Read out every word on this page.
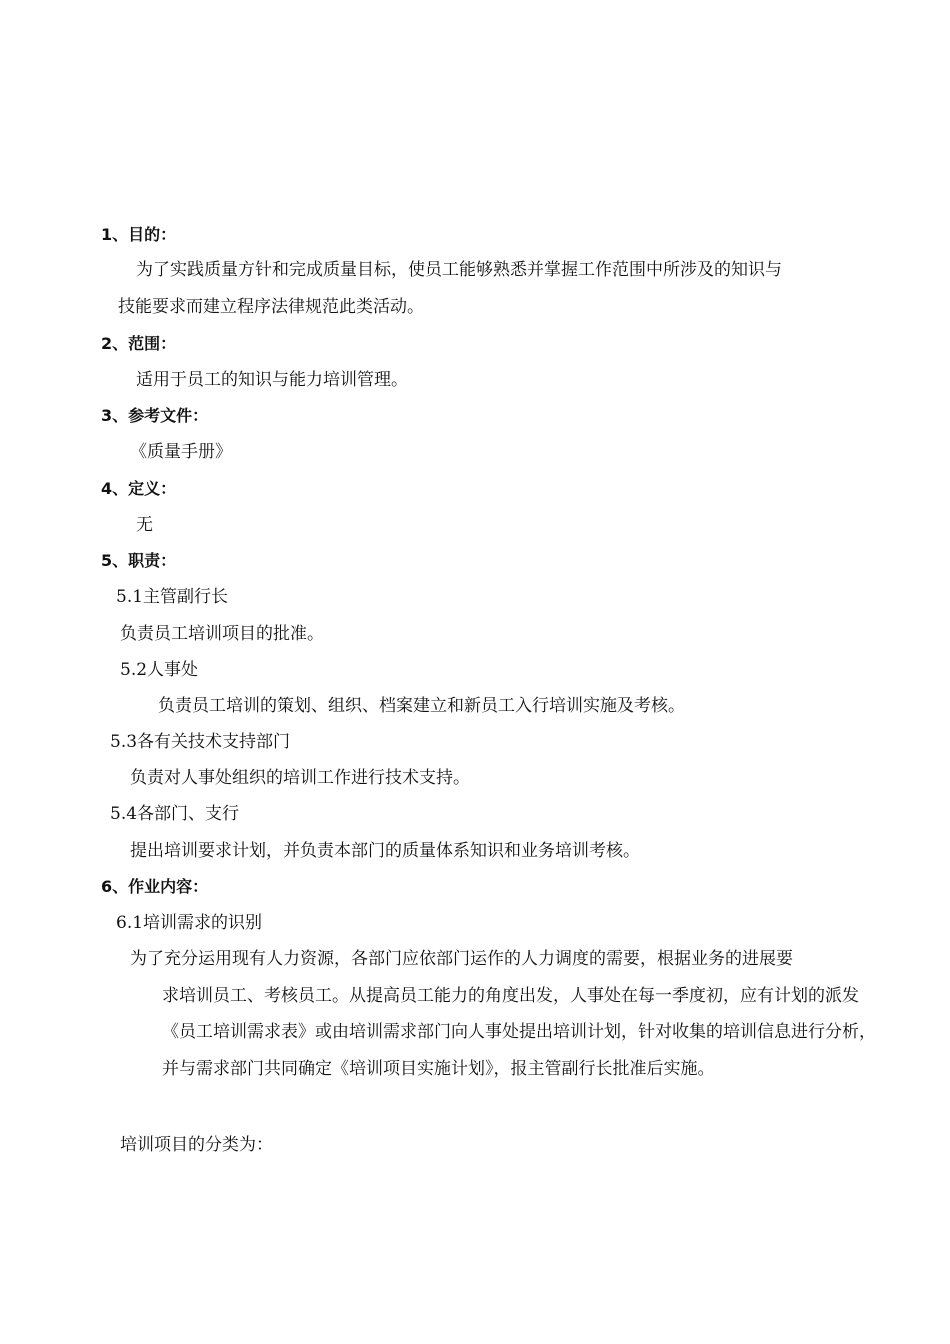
1、目的：
为了实践质量方针和完成质量目标，使员工能够熟悉并掌握工作范围中所涉及的知识与
技能要求而建立程序法律规范此类活动。
2、范围：
适用于员工的知识与能力培训管理。
3、参考文件：
《质量手册》
4、定义：
无
5、职责：
5.1主管副行长
负责员工培训项目的批准。
5.2人事处
负责员工培训的策划、组织、档案建立和新员工入行培训实施及考核。
5.3各有关技术支持部门
负责对人事处组织的培训工作进行技术支持。
5.4各部门、支行
提出培训要求计划，并负责本部门的质量体系知识和业务培训考核。
6、作业内容：
6.1培训需求的识别
为了充分运用现有人力资源，各部门应依部门运作的人力调度的需要，根据业务的进展要
求培训员工、考核员工。从提高员工能力的角度出发，人事处在每一季度初，应有计划的派发《员工培训需求表》或由培训需求部门向人事处提出培训计划，针对收集的培训信息进行分析，并与需求部门共同确定《培训项目实施计划》，报主管副行长批准后实施。
培训项目的分类为：
